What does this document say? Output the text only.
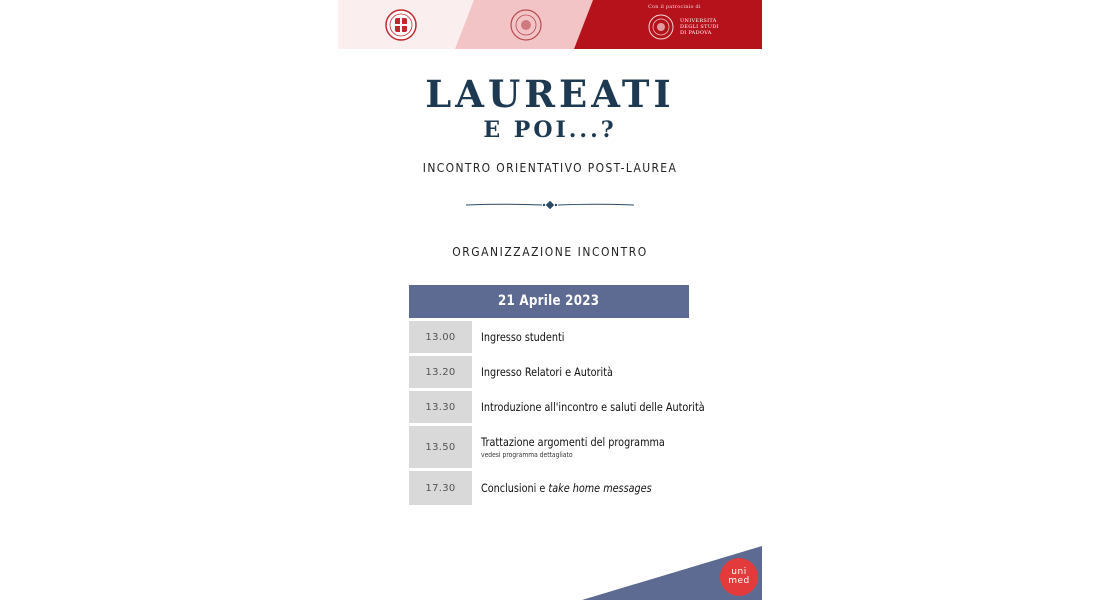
Con il patrocinio di
UNIVERSITÀ
DEGLI STUDI
DI PADOVA
LAUREATI
E POI...?
INCONTRO ORIENTATIVO POST-LAUREA
ORGANIZZAZIONE INCONTRO
21 Aprile 2023
13.00	Ingresso studenti
13.20	Ingresso Relatori e Autorità
13.30	Introduzione all'incontro e saluti delle Autorità
13.50	Trattazione argomenti del programma
vedesi programma dettagliato
17.30	Conclusioni e take home messages
uni
med
